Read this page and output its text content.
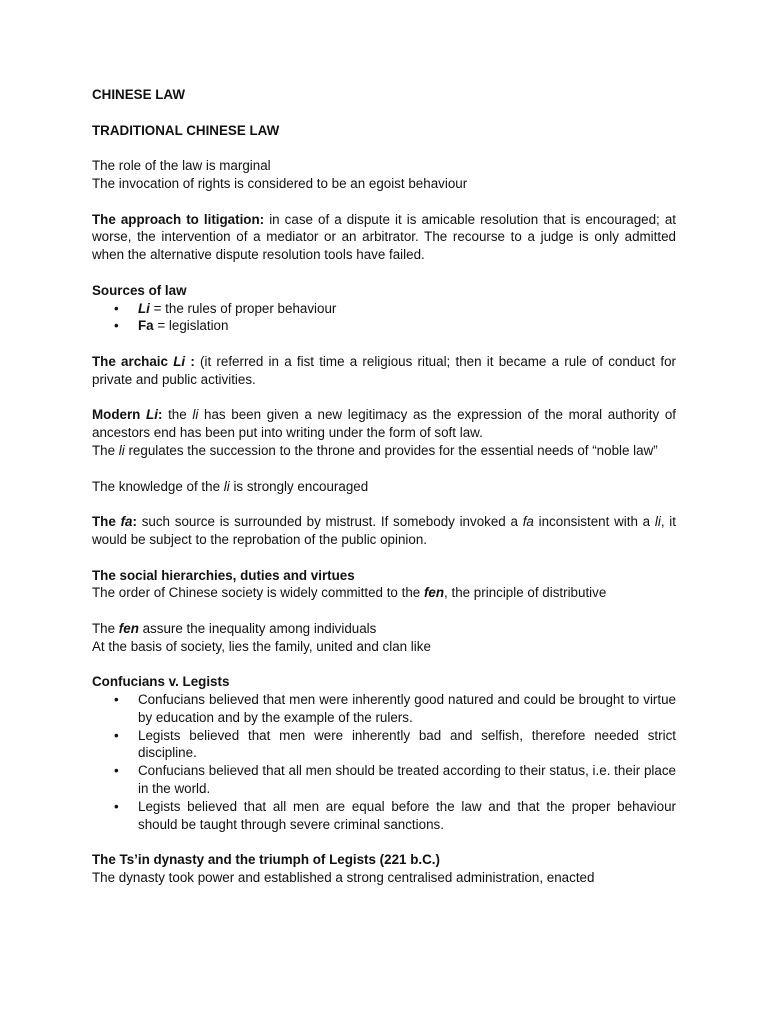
CHINESE LAW

TRADITIONAL CHINESE LAW

The role of the law is marginal

The invocation of rights is considered to be an egoist behaviour

The approach to litigation: in case of a dispute it is amicable resolution that is encouraged; at worse, the intervention of a mediator or an arbitrator. The recourse to a judge is only admitted when the alternative dispute resolution tools have failed.

Sources of law

• Li = the rules of proper behaviour
• Fa = legislation

The archaic Li : (it referred in a fist time a religious ritual; then it became a rule of conduct for private and public activities.

Modern Li: the li has been given a new legitimacy as the expression of the moral authority of ancestors end has been put into writing under the form of soft law.

The li regulates the succession to the throne and provides for the essential needs of “noble law”

The knowledge of the li is strongly encouraged

The fa: such source is surrounded by mistrust. If somebody invoked a fa inconsistent with a li, it would be subject to the reprobation of the public opinion.

The social hierarchies, duties and virtues

The order of Chinese society is widely committed to the fen, the principle of distributive

The fen assure the inequality among individuals

At the basis of society, lies the family, united and clan like

Confucians v. Legists

• Confucians believed that men were inherently good natured and could be brought to virtue by education and by the example of the rulers.
• Legists believed that men were inherently bad and selfish, therefore needed strict discipline.
• Confucians believed that all men should be treated according to their status, i.e. their place in the world.
• Legists believed that all men are equal before the law and that the proper behaviour should be taught through severe criminal sanctions.

The Ts’in dynasty and the triumph of Legists (221 b.C.)

The dynasty took power and established a strong centralised administration, enacted
